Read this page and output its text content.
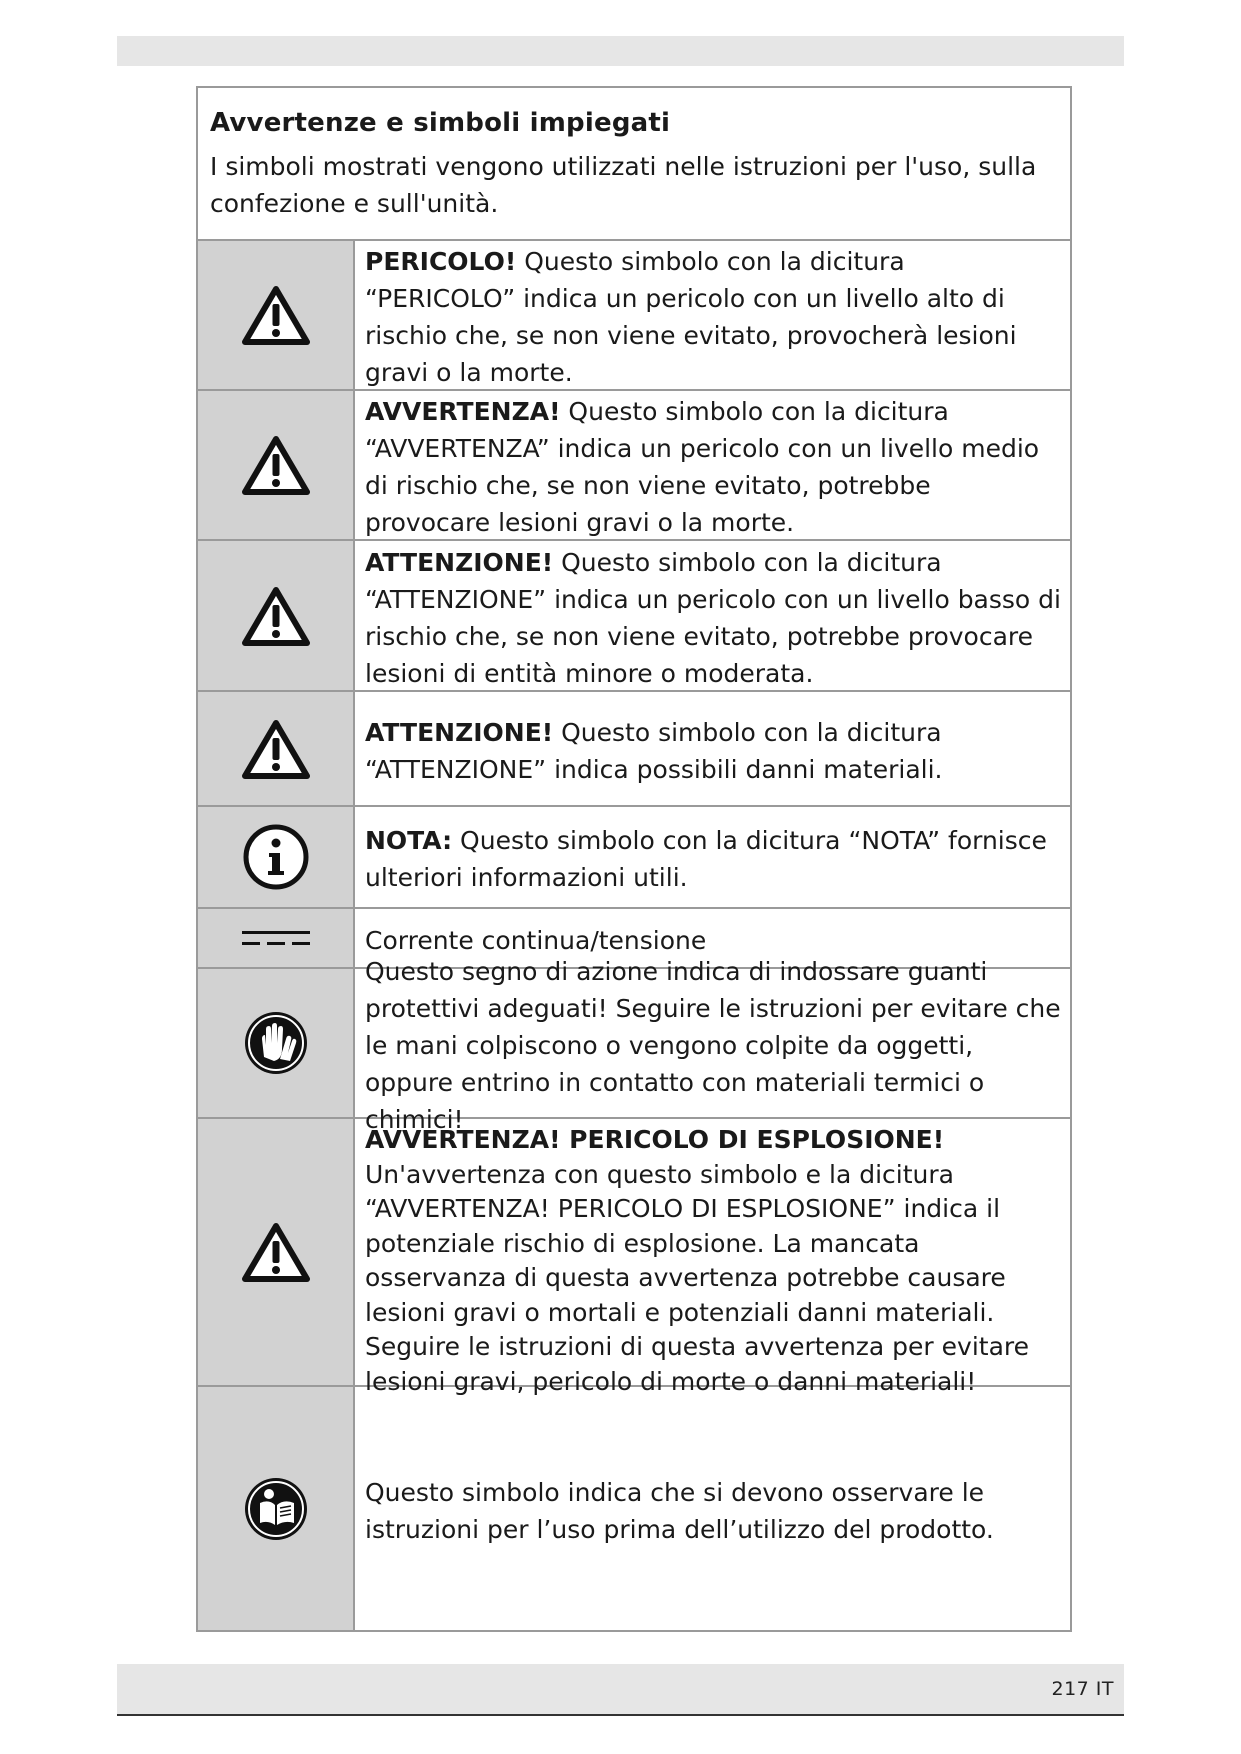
Avvertenze e simboli impiegati

I simboli mostrati vengono utilizzati nelle istruzioni per l'uso, sulla confezione e sull'unità.

PERICOLO! Questo simbolo con la dicitura “PERICOLO” indica un pericolo con un livello alto di rischio che, se non viene evitato, provocherà lesioni gravi o la morte.

AVVERTENZA! Questo simbolo con la dicitura “AVVERTENZA” indica un pericolo con un livello medio di rischio che, se non viene evitato, potrebbe provocare lesioni gravi o la morte.

ATTENZIONE! Questo simbolo con la dicitura “ATTENZIONE” indica un pericolo con un livello basso di rischio che, se non viene evitato, potrebbe provocare lesioni di entità minore o moderata.

ATTENZIONE! Questo simbolo con la dicitura “ATTENZIONE” indica possibili danni materiali.

NOTA: Questo simbolo con la dicitura “NOTA” fornisce ulteriori informazioni utili.

Corrente continua/tensione

Questo segno di azione indica di indossare guanti protettivi adeguati! Seguire le istruzioni per evitare che le mani colpiscono o vengono colpite da oggetti, oppure entrino in contatto con materiali termici o chimici!

AVVERTENZA! PERICOLO DI ESPLOSIONE!
Un'avvertenza con questo simbolo e la dicitura “AVVERTENZA! PERICOLO DI ESPLOSIONE” indica il potenziale rischio di esplosione. La mancata osservanza di questa avvertenza potrebbe causare lesioni gravi o mortali e potenziali danni materiali. Seguire le istruzioni di questa avvertenza per evitare lesioni gravi, pericolo di morte o danni materiali!

Questo simbolo indica che si devono osservare le istruzioni per l’uso prima dell’utilizzo del prodotto.

217 IT
